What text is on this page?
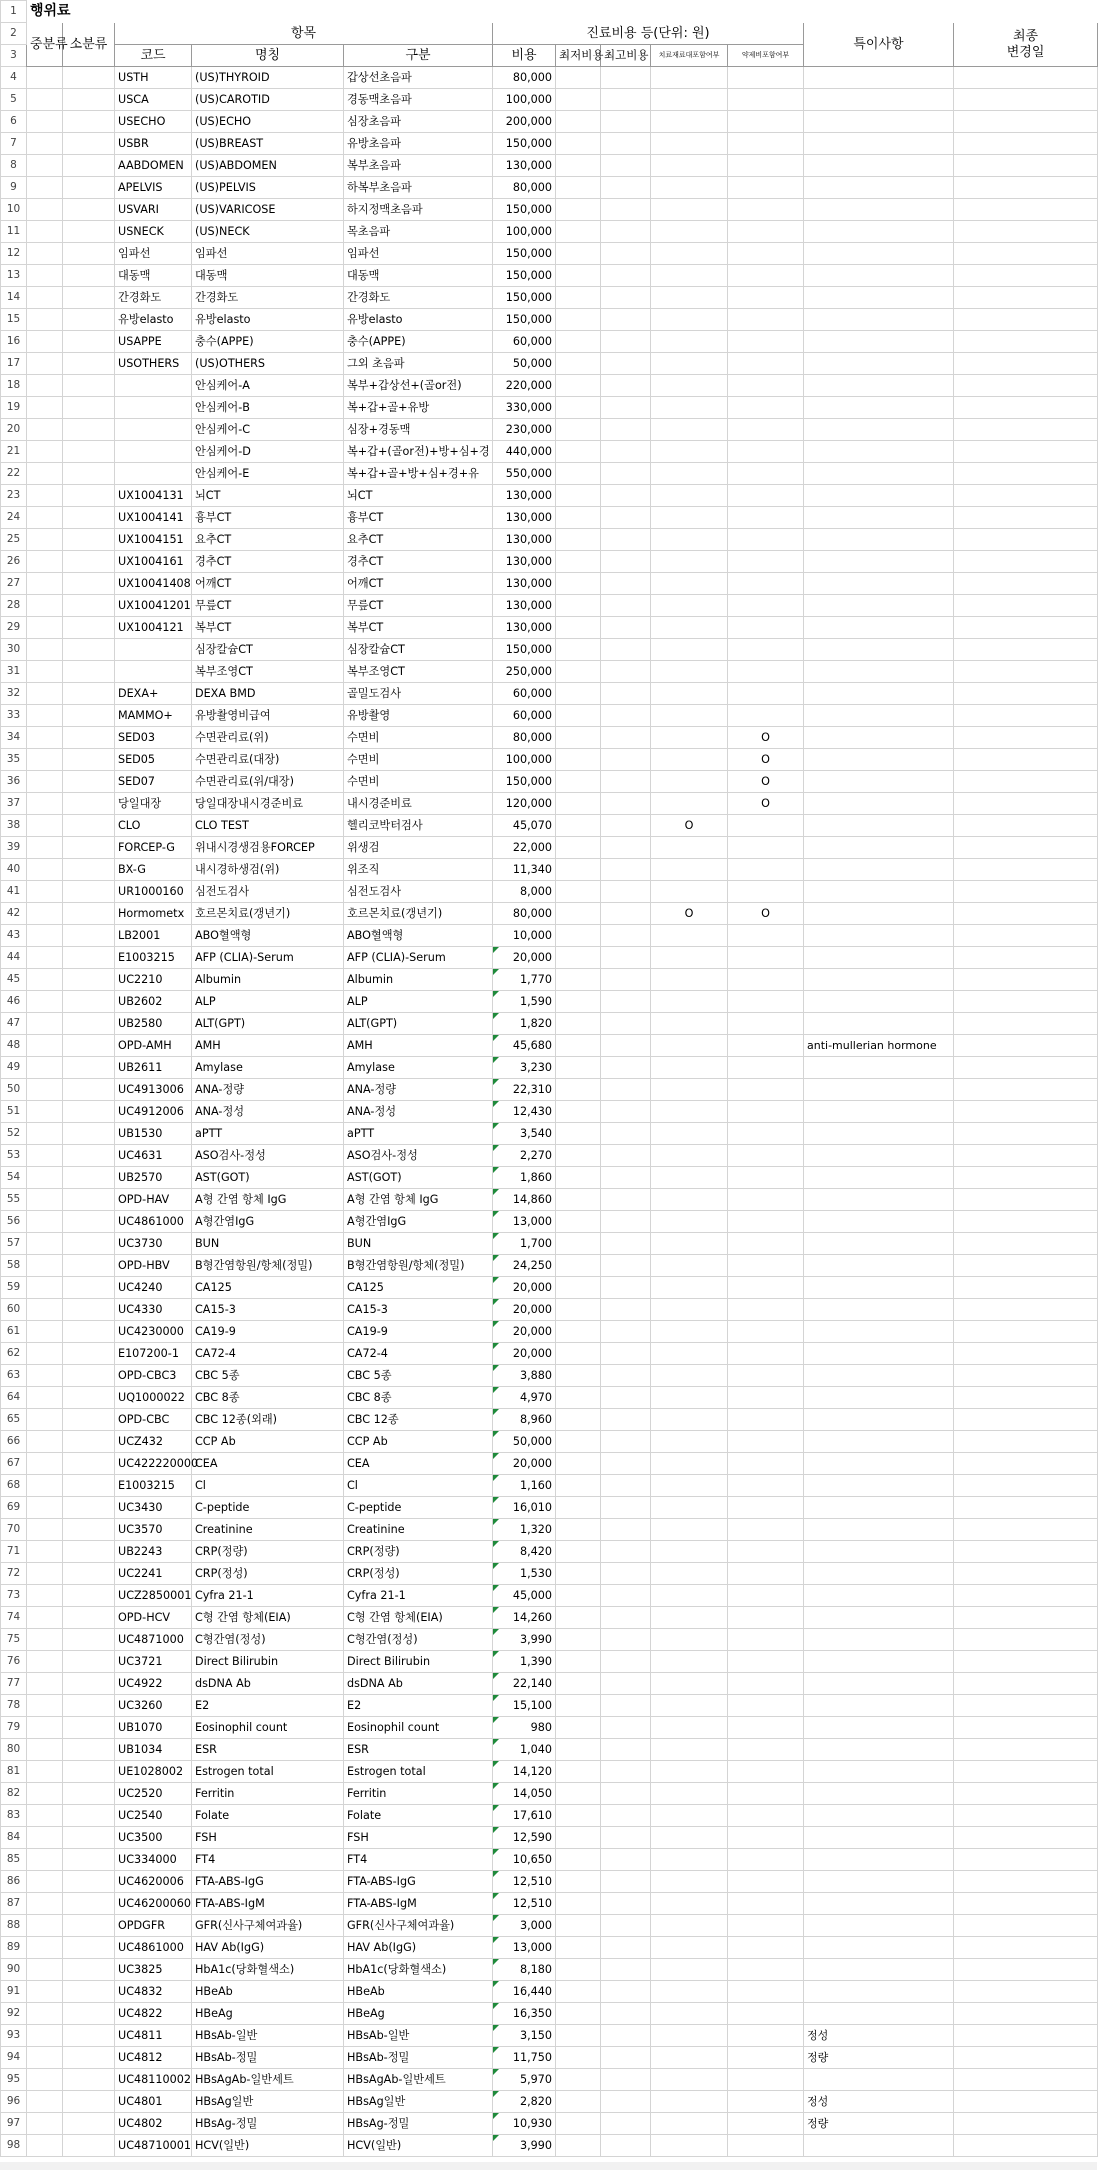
1	행위료											
2	중분류	소분류	항목			진료비용 등(단위: 원)					특이사항	최종
변경일
3			코드	명칭	구분	비용	최저비용	최고비용	치료재료대포함여부	약제비포함여부		
4			USTH	(US)THYROID	갑상선초음파	80,000						
5			USCA	(US)CAROTID	경동맥초음파	100,000						
6			USECHO	(US)ECHO	심장초음파	200,000						
7			USBR	(US)BREAST	유방초음파	150,000						
8			AABDOMEN	(US)ABDOMEN	복부초음파	130,000						
9			APELVIS	(US)PELVIS	하복부초음파	80,000						
10			USVARI	(US)VARICOSE	하지정맥초음파	150,000						
11			USNECK	(US)NECK	목초음파	100,000						
12			임파선	임파선	임파선	150,000						
13			대동맥	대동맥	대동맥	150,000						
14			간경화도	간경화도	간경화도	150,000						
15			유방elasto	유방elasto	유방elasto	150,000						
16			USAPPE	충수(APPE)	충수(APPE)	60,000						
17			USOTHERS	(US)OTHERS	그외 초음파	50,000						
18				안심케어-A	복부+갑상선+(골or전)	220,000						
19				안심케어-B	복+갑+골+유방	330,000						
20				안심케어-C	심장+경동맥	230,000						
21				안심케어-D	복+갑+(골or전)+방+심+경	440,000						
22				안심케어-E	복+갑+골+방+심+경+유	550,000						
23			UX1004131	뇌CT	뇌CT	130,000						
24			UX1004141	흉부CT	흉부CT	130,000						
25			UX1004151	요추CT	요추CT	130,000						
26			UX1004161	경추CT	경추CT	130,000						
27			UX10041408	어깨CT	어깨CT	130,000						
28			UX10041201	무릎CT	무릎CT	130,000						
29			UX1004121	복부CT	복부CT	130,000						
30				심장칼슘CT	심장칼슘CT	150,000						
31				복부조영CT	복부조영CT	250,000						
32			DEXA+	DEXA BMD	골밀도검사	60,000						
33			MAMMO+	유방촬영비급여	유방촬영	60,000						
34			SED03	수면관리료(위)	수면비	80,000				O		
35			SED05	수면관리료(대장)	수면비	100,000				O		
36			SED07	수면관리료(위/대장)	수면비	150,000				O		
37			당일대장	당일대장내시경준비료	내시경준비료	120,000				O		
38			CLO	CLO TEST	헬리코박터검사	45,070			O			
39			FORCEP-G	위내시경생검용FORCEP	위생검	22,000						
40			BX-G	내시경하생검(위)	위조직	11,340						
41			UR1000160	심전도검사	심전도검사	8,000						
42			Hormometx	호르몬치료(갱년기)	호르몬치료(갱년기)	80,000			O	O		
43			LB2001	ABO혈액형	ABO혈액형	10,000						
44			E1003215	AFP (CLIA)-Serum	AFP (CLIA)-Serum	20,000						
45			UC2210	Albumin	Albumin	1,770						
46			UB2602	ALP	ALP	1,590						
47			UB2580	ALT(GPT)	ALT(GPT)	1,820						
48			OPD-AMH	AMH	AMH	45,680					anti-mullerian hormone	
49			UB2611	Amylase	Amylase	3,230						
50			UC4913006	ANA-정량	ANA-정량	22,310						
51			UC4912006	ANA-정성	ANA-정성	12,430						
52			UB1530	aPTT	aPTT	3,540						
53			UC4631	ASO검사-정성	ASO검사-정성	2,270						
54			UB2570	AST(GOT)	AST(GOT)	1,860						
55			OPD-HAV	A형 간염 항체 IgG	A형 간염 항체 IgG	14,860						
56			UC4861000	A형간염IgG	A형간염IgG	13,000						
57			UC3730	BUN	BUN	1,700						
58			OPD-HBV	B형간염항원/항체(정밀)	B형간염항원/항체(정밀)	24,250						
59			UC4240	CA125	CA125	20,000						
60			UC4330	CA15-3	CA15-3	20,000						
61			UC4230000	CA19-9	CA19-9	20,000						
62			E107200-1	CA72-4	CA72-4	20,000						
63			OPD-CBC3	CBC 5종	CBC 5종	3,880						
64			UQ1000022	CBC 8종	CBC 8종	4,970						
65			OPD-CBC	CBC 12종(외래)	CBC 12종	8,960						
66			UCZ432	CCP Ab	CCP Ab	50,000						
67			UC422220000	CEA	CEA	20,000						
68			E1003215	Cl	Cl	1,160						
69			UC3430	C-peptide	C-peptide	16,010						
70			UC3570	Creatinine	Creatinine	1,320						
71			UB2243	CRP(정량)	CRP(정량)	8,420						
72			UC2241	CRP(정성)	CRP(정성)	1,530						
73			UCZ2850001	Cyfra 21-1	Cyfra 21-1	45,000						
74			OPD-HCV	C형 간염 항체(EIA)	C형 간염 항체(EIA)	14,260						
75			UC4871000	C형간염(정성)	C형간염(정성)	3,990						
76			UC3721	Direct Bilirubin	Direct Bilirubin	1,390						
77			UC4922	dsDNA Ab	dsDNA Ab	22,140						
78			UC3260	E2	E2	15,100						
79			UB1070	Eosinophil count	Eosinophil count	980						
80			UB1034	ESR	ESR	1,040						
81			UE1028002	Estrogen total	Estrogen total	14,120						
82			UC2520	Ferritin	Ferritin	14,050						
83			UC2540	Folate	Folate	17,610						
84			UC3500	FSH	FSH	12,590						
85			UC334000	FT4	FT4	10,650						
86			UC4620006	FTA-ABS-IgG	FTA-ABS-IgG	12,510						
87			UC46200060	FTA-ABS-IgM	FTA-ABS-IgM	12,510						
88			OPDGFR	GFR(신사구체여과율)	GFR(신사구체여과율)	3,000						
89			UC4861000	HAV Ab(IgG)	HAV Ab(IgG)	13,000						
90			UC3825	HbA1c(당화혈색소)	HbA1c(당화혈색소)	8,180						
91			UC4832	HBeAb	HBeAb	16,440						
92			UC4822	HBeAg	HBeAg	16,350						
93			UC4811	HBsAb-일반	HBsAb-일반	3,150					정성	
94			UC4812	HBsAb-정밀	HBsAb-정밀	11,750					정량	
95			UC48110002	HBsAgAb-일반세트	HBsAgAb-일반세트	5,970						
96			UC4801	HBsAg일반	HBsAg일반	2,820					정성	
97			UC4802	HBsAg-정밀	HBsAg-정밀	10,930					정량	
98			UC48710001	HCV(일반)	HCV(일반)	3,990						
